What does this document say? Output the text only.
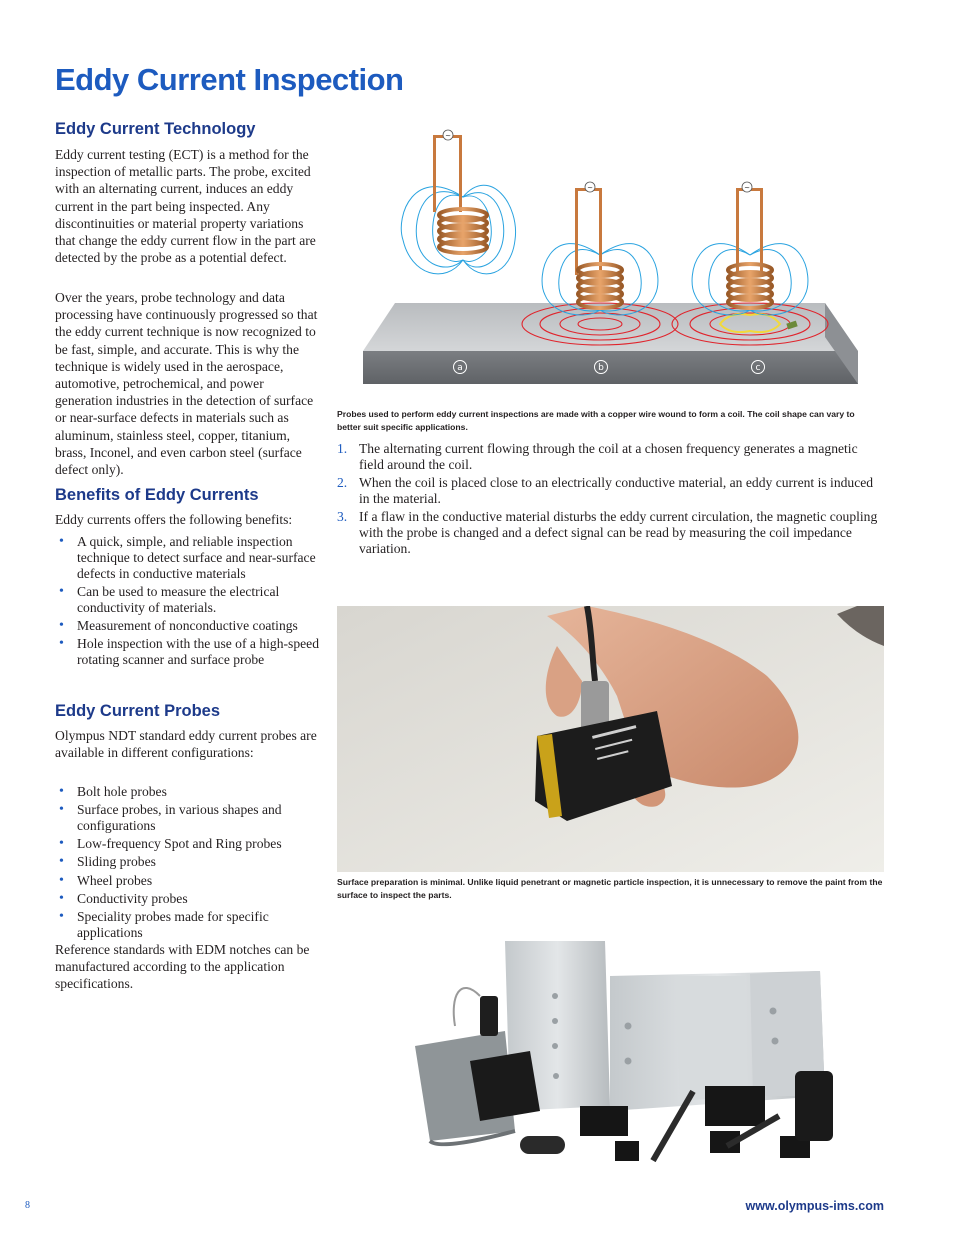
Eddy Current Inspection
Eddy Current Technology

Eddy current testing (ECT) is a method for the inspection of metallic parts. The probe, excited with an alternating current, induces an eddy current in the part being inspected. Any discontinuities or material property variations that change the eddy current flow in the part are detected by the probe as a potential defect.

Over the years, probe technology and data processing have continuously progressed so that the eddy current technique is now recognized to be fast, simple, and accurate. This is why the technique is widely used in the aerospace, automotive, petrochemical, and power generation industries in the detection of surface or near-surface defects in materials such as aluminum, stainless steel, copper, titanium, brass, Inconel, and even carbon steel (surface defect only).

Benefits of Eddy Currents

Eddy currents offers the following benefits:

• A quick, simple, and reliable inspection technique to detect surface and near-surface defects in conductive materials
• Can be used to measure the electrical conductivity of materials.
• Measurement of nonconductive coatings
• Hole inspection with the use of a high-speed rotating scanner and surface probe
Eddy Current Probes

Olympus NDT standard eddy current probes are available in different configurations:

• Bolt hole probes
• Surface probes, in various shapes and configurations
• Low-frequency Spot and Ring probes
• Sliding probes
• Wheel probes
• Conductivity probes
• Speciality probes made for specific applications

Reference standards with EDM notches can be manufactured according to the application specifications.

~
~	~
a	b	c
Probes used to perform eddy current inspections are made with a copper wire wound to form a coil. The coil shape can vary to better suit specific applications.
1. The alternating current flowing through the coil at a chosen frequency generates a magnetic field around the coil.
2. When the coil is placed close to an electrically conductive material, an eddy current is induced in the material.
3. If a flaw in the conductive material disturbs the eddy current circulation, the magnetic coupling with the probe is changed and a defect signal can be read by measuring the coil impedance variation.
Surface preparation is minimal. Unlike liquid penetrant or magnetic particle inspection, it is unnecessary to remove the paint from the surface to inspect the parts.
8	www.olympus-ims.com
